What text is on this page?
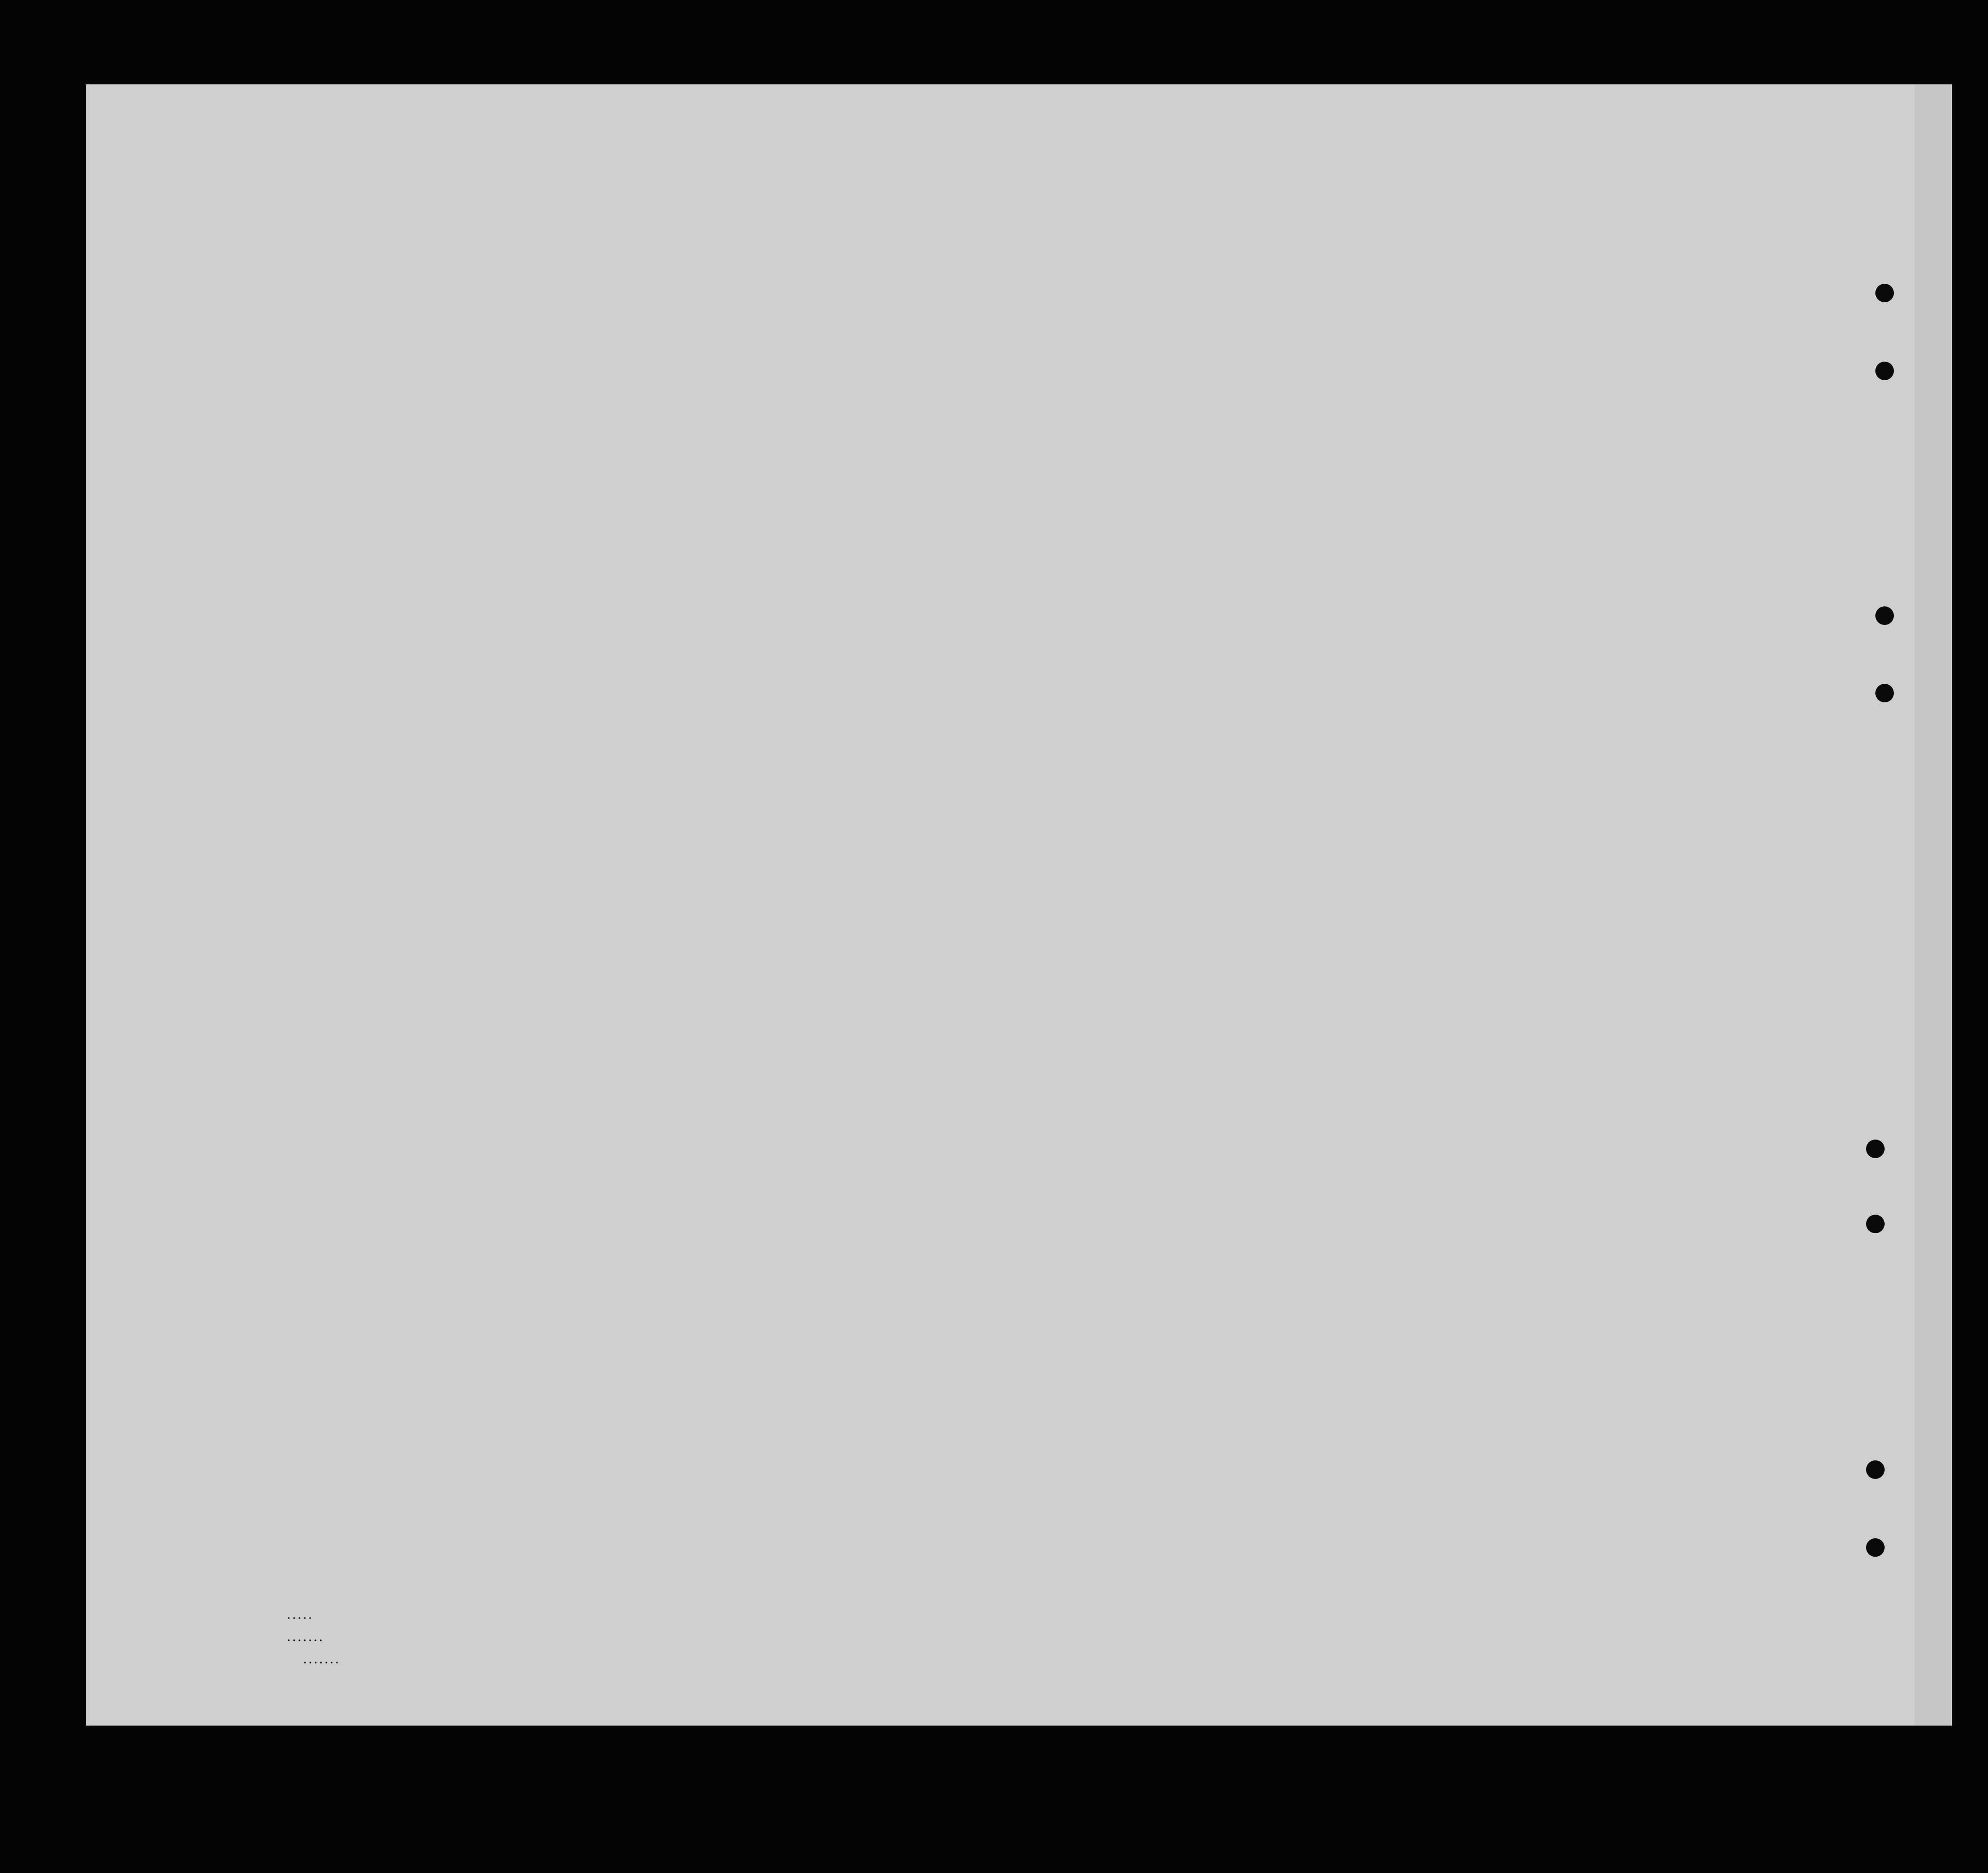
. . . . .
. . . . . . .
. . . . . . .
